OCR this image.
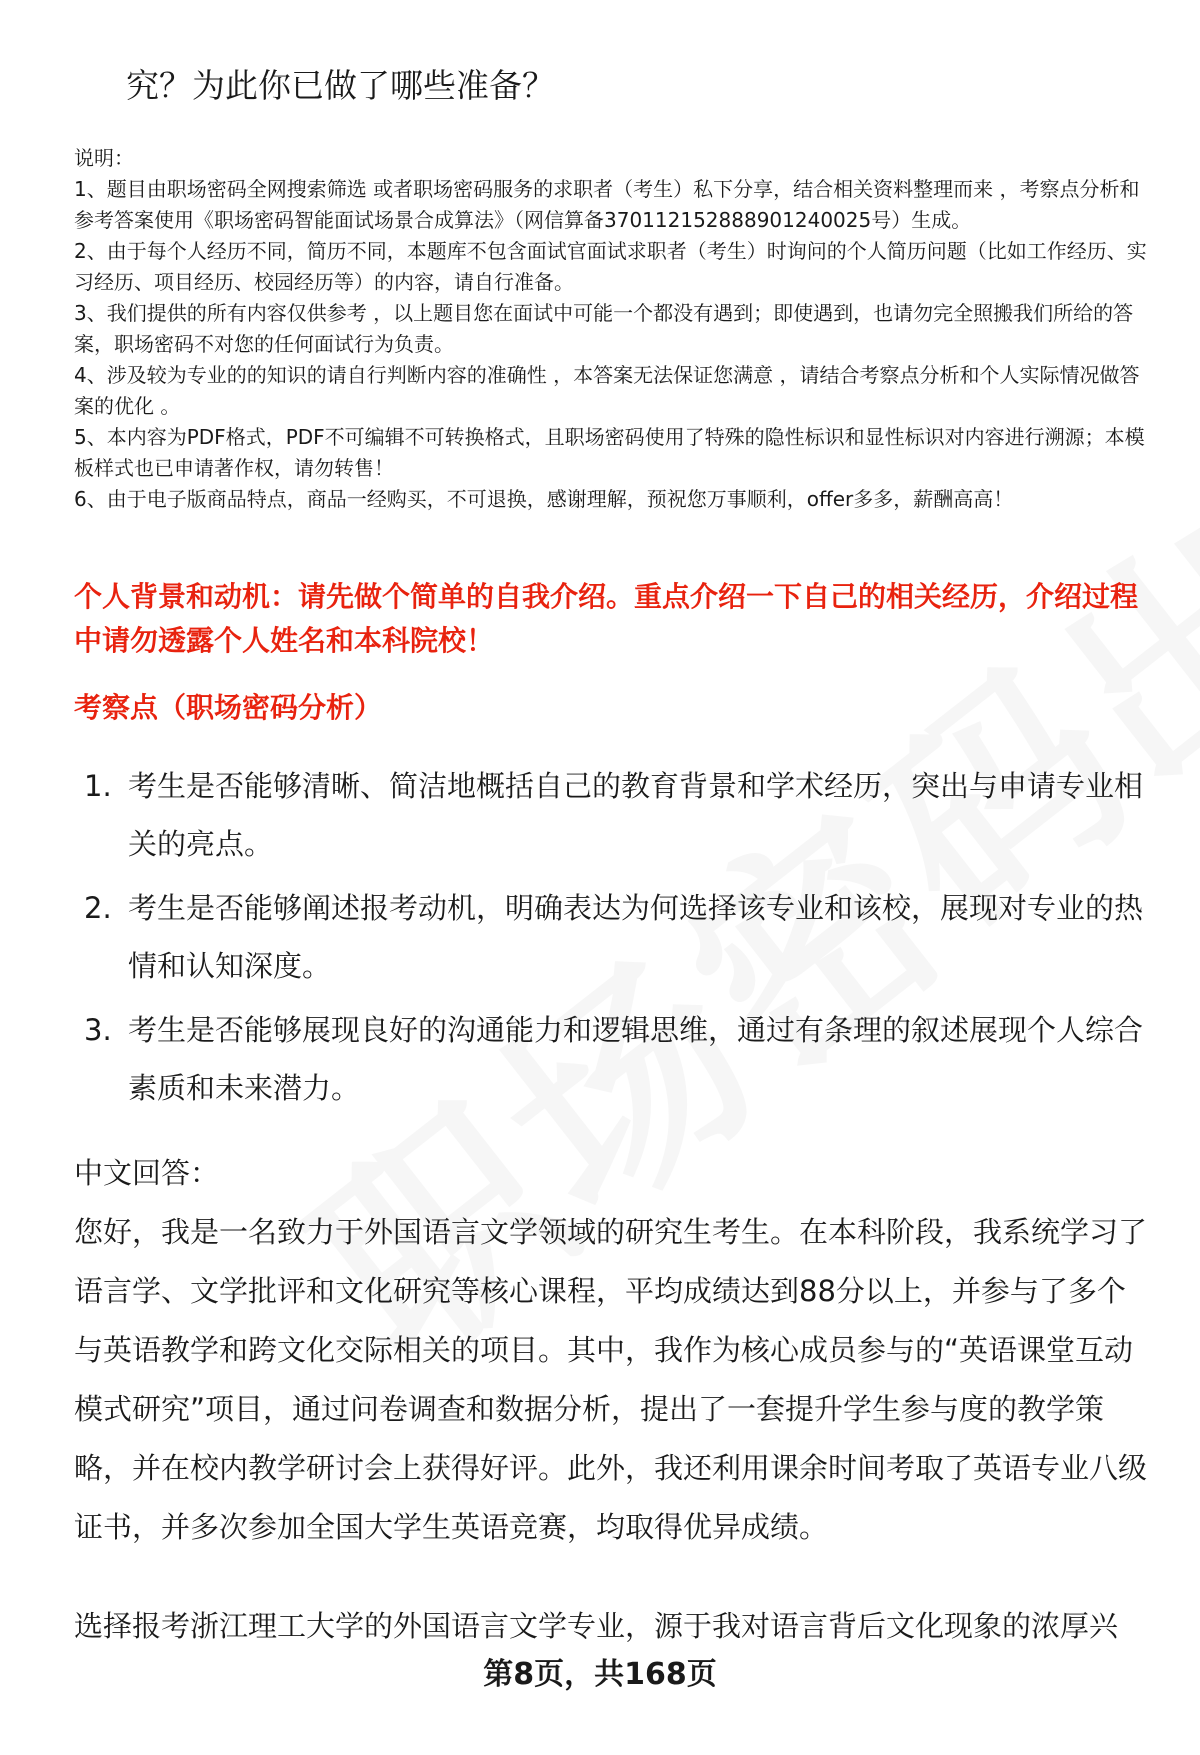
究？为此你已做了哪些准备？

说明：

1、题目由职场密码全网搜索筛选 或者职场密码服务的求职者（考生）私下分享，结合相关资料整理而来 ，考察点分析和参考答案使用《职场密码智能面试场景合成算法》（网信算备370112152888901240025号）生成。

2、由于每个人经历不同，简历不同，本题库不包含面试官面试求职者（考生）时询问的个人简历问题（比如工作经历、实习经历、项目经历、校园经历等）的内容，请自行准备。

3、我们提供的所有内容仅供参考 ，以上题目您在面试中可能一个都没有遇到；即使遇到，也请勿完全照搬我们所给的答案，职场密码不对您的任何面试行为负责。

4、涉及较为专业的的知识的请自行判断内容的准确性 ，本答案无法保证您满意 ，请结合考察点分析和个人实际情况做答案的优化 。

5、本内容为PDF格式，PDF不可编辑不可转换格式，且职场密码使用了特殊的隐性标识和显性标识对内容进行溯源；本模板样式也已申请著作权，请勿转售！

6、由于电子版商品特点，商品一经购买，不可退换，感谢理解，预祝您万事顺利，offer多多，薪酬高高！

个人背景和动机：请先做个简单的自我介绍。重点介绍一下自己的相关经历，介绍过程中请勿透露个人姓名和本科院校！
考察点（职场密码分析）
1. 考生是否能够清晰、简洁地概括自己的教育背景和学术经历，突出与申请专业相关的亮点。
2. 考生是否能够阐述报考动机，明确表达为何选择该专业和该校，展现对专业的热情和认知深度。
3. 考生是否能够展现良好的沟通能力和逻辑思维，通过有条理的叙述展现个人综合素质和未来潜力。

中文回答：

您好，我是一名致力于外国语言文学领域的研究生考生。在本科阶段，我系统学习了语言学、文学批评和文化研究等核心课程，平均成绩达到88分以上，并参与了多个与英语教学和跨文化交际相关的项目。其中，我作为核心成员参与的“英语课堂互动模式研究”项目，通过问卷调查和数据分析，提出了一套提升学生参与度的教学策略，并在校内教学研讨会上获得好评。此外，我还利用课余时间考取了英语专业八级证书，并多次参加全国大学生英语竞赛，均取得优异成绩。

选择报考浙江理工大学的外国语言文学专业，源于我对语言背后文化现象的浓厚兴

第8页，共168页
